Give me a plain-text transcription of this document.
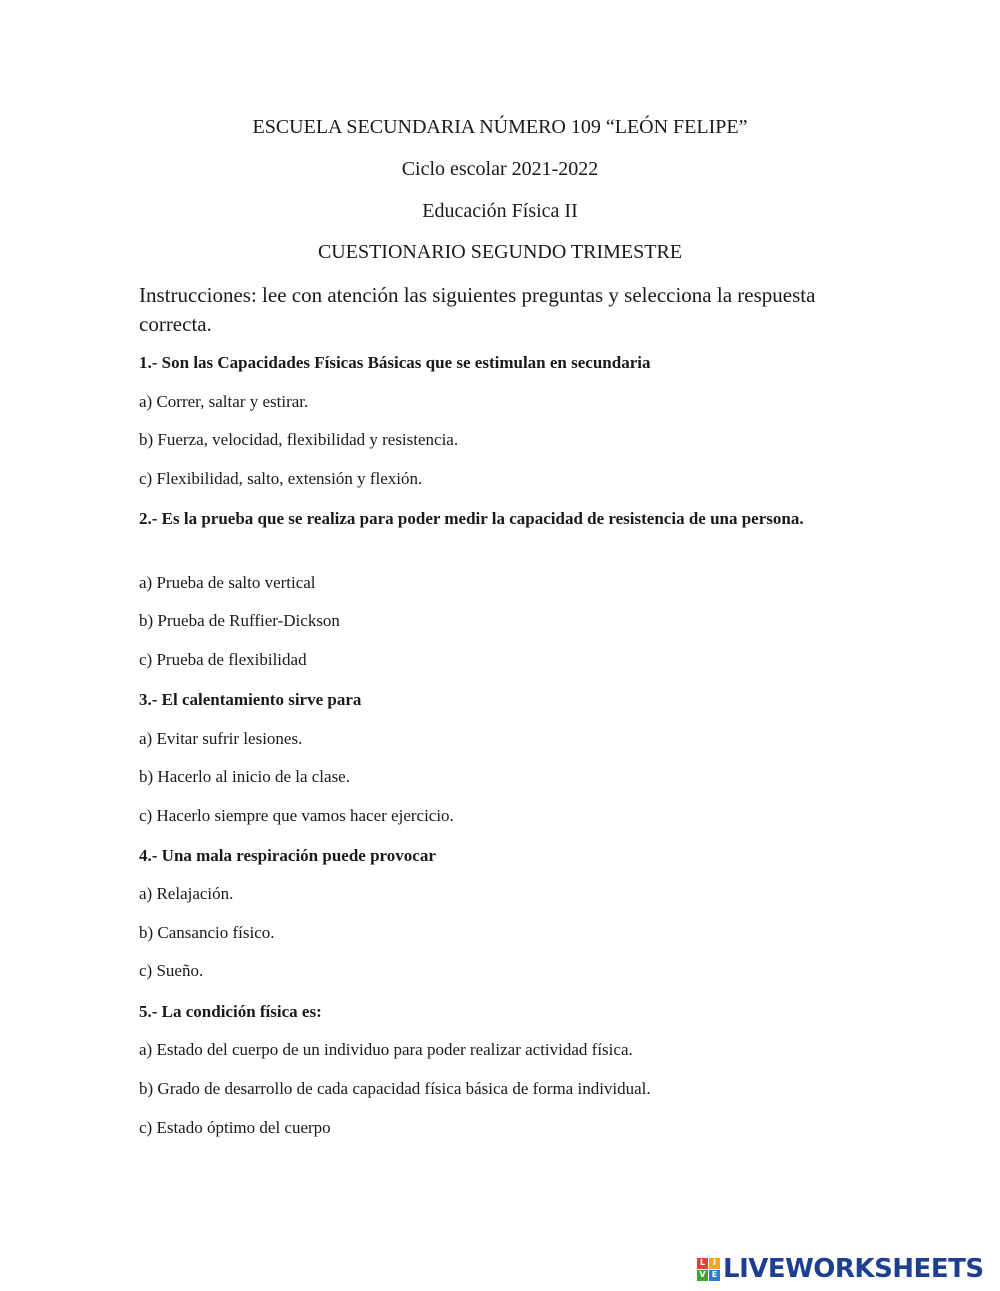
ESCUELA SECUNDARIA NÚMERO 109 “LEÓN FELIPE”
Ciclo escolar 2021-2022
Educación Física II
CUESTIONARIO SEGUNDO TRIMESTRE
Instrucciones: lee con atención las siguientes preguntas y selecciona la respuesta correcta.
1.- Son las Capacidades Físicas Básicas que se estimulan en secundaria
a) Correr, saltar y estirar.
b) Fuerza, velocidad, flexibilidad y resistencia.
c) Flexibilidad, salto, extensión y flexión.
2.- Es la prueba que se realiza para poder medir la capacidad de resistencia de una persona.
a) Prueba de salto vertical
b) Prueba de Ruffier-Dickson
c) Prueba de flexibilidad
3.- El calentamiento sirve para
a) Evitar sufrir lesiones.
b) Hacerlo al inicio de la clase.
c) Hacerlo siempre que vamos hacer ejercicio.
4.- Una mala respiración puede provocar
a) Relajación.
b) Cansancio físico.
c) Sueño.
5.- La condición física es:
a) Estado del cuerpo de un individuo para poder realizar actividad física.
b) Grado de desarrollo de cada capacidad física básica de forma individual.
c) Estado óptimo del cuerpo
L I
V E LIVEWORKSHEETS
